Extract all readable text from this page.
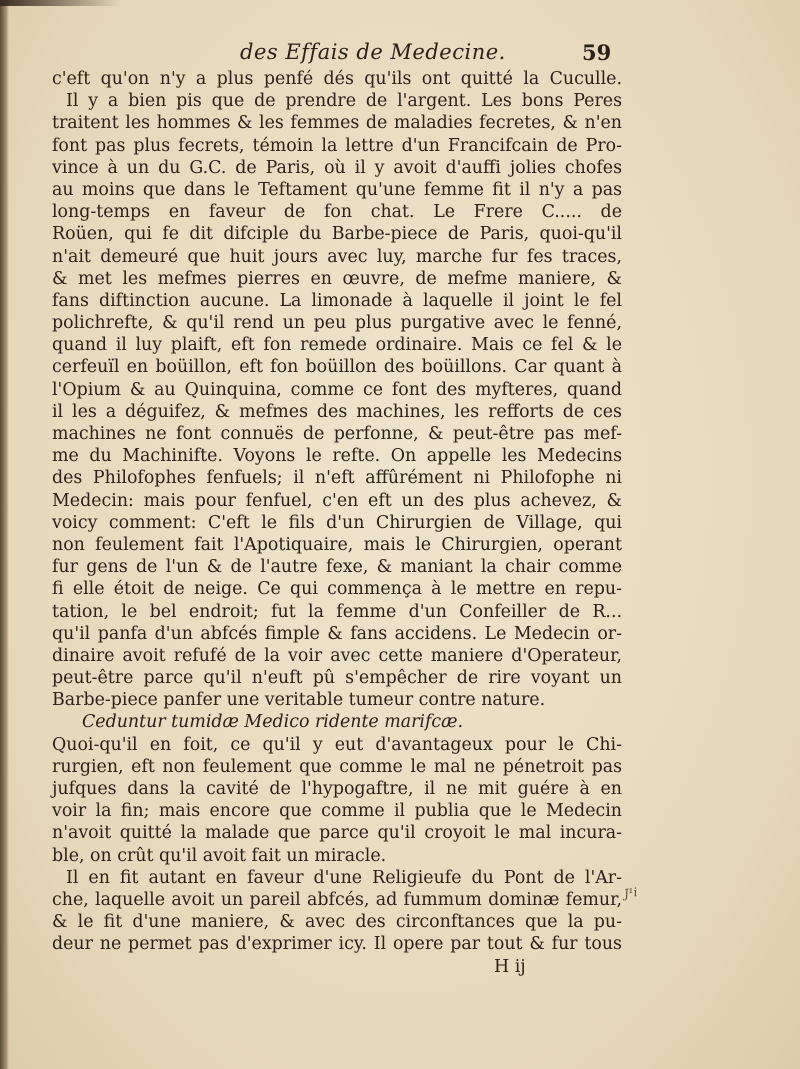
des Effais de Medecine.	59
c'eft qu'on n'y a plus penfé dés qu'ils ont quitté la Cuculle.
Il y a bien pis que de prendre de l'argent. Les bons Peres
traitent les hommes & les femmes de maladies fecretes, & n'en
font pas plus fecrets, témoin la lettre d'un Francifcain de Pro-
vince à un du G.C. de Paris, où il y avoit d'auffi jolies chofes
au moins que dans le Teftament qu'une femme fit il n'y a pas
long-temps en faveur de fon chat. Le Frere C..... de
Roüen, qui fe dit difciple du Barbe-piece de Paris, quoi-qu'il
n'ait demeuré que huit jours avec luy, marche fur fes traces,
& met les mefmes pierres en œuvre, de mefme maniere, &
fans diftinction aucune. La limonade à laquelle il joint le fel
polichrefte, & qu'il rend un peu plus purgative avec le fenné,
quand il luy plaift, eft fon remede ordinaire. Mais ce fel & le
cerfeuïl en boüillon, eft fon boüillon des boüillons. Car quant à
l'Opium & au Quinquina, comme ce font des myfteres, quand
il les a déguifez, & mefmes des machines, les refforts de ces
machines ne font connuës de perfonne, & peut-être pas mef-
me du Machinifte. Voyons le refte. On appelle les Medecins
des Philofophes fenfuels; il n'eft affûrément ni Philofophe ni
Medecin: mais pour fenfuel, c'en eft un des plus achevez, &
voicy comment: C'eft le fils d'un Chirurgien de Village, qui
non feulement fait l'Apotiquaire, mais le Chirurgien, operant
fur gens de l'un & de l'autre fexe, & maniant la chair comme
fi elle étoit de neige. Ce qui commença à le mettre en repu-
tation, le bel endroit; fut la femme d'un Confeiller de R...
qu'il panfa d'un abfcés fimple & fans accidens. Le Medecin or-
dinaire avoit refufé de la voir avec cette maniere d'Operateur,
peut-être parce qu'il n'euft pû s'empêcher de rire voyant un
Barbe-piece panfer une veritable tumeur contre nature.
Ceduntur tumidæ Medico ridente marifcæ.
Quoi-qu'il en foit, ce qu'il y eut d'avantageux pour le Chi-
rurgien, eft non feulement que comme le mal ne pénetroit pas
jufques dans la cavité de l'hypogaftre, il ne mit guére à en
voir la fin; mais encore que comme il publia que le Medecin
n'avoit quitté la malade que parce qu'il croyoit le mal incura-
ble, on crût qu'il avoit fait un miracle.
Il en fit autant en faveur d'une Religieufe du Pont de l'Ar-
che, laquelle avoit un pareil abfcés, ad fummum dominæ femur,
& le fit d'une maniere, & avec des circonftances que la pu-
deur ne permet pas d'exprimer icy. Il opere par tout & fur tous
H ij
J¹i
